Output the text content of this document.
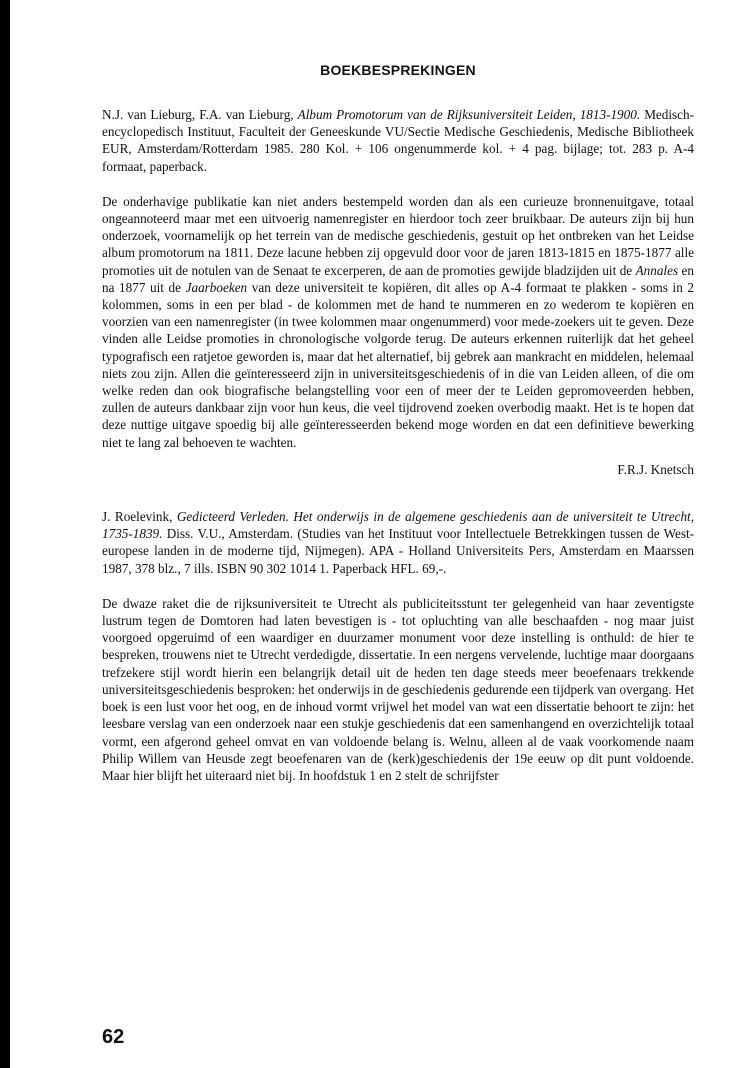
BOEKBESPREKINGEN

N.J. van Lieburg, F.A. van Lieburg, Album Promotorum van de Rijksuniversiteit Leiden, 1813-1900. Medisch-encyclopedisch Instituut, Faculteit der Geneeskunde VU/Sectie Medische Geschiedenis, Medische Bibliotheek EUR, Amsterdam/Rotterdam 1985. 280 Kol. + 106 ongenummerde kol. + 4 pag. bijlage; tot. 283 p. A-4 formaat, paperback.

De onderhavige publikatie kan niet anders bestempeld worden dan als een curieuze bronnenuitgave, totaal ongeannoteerd maar met een uitvoerig namenregister en hierdoor toch zeer bruikbaar. De auteurs zijn bij hun onderzoek, voornamelijk op het terrein van de medische geschiedenis, gestuit op het ontbreken van het Leidse album promotorum na 1811. Deze lacune hebben zij opgevuld door voor de jaren 1813-1815 en 1875-1877 alle promoties uit de notulen van de Senaat te excerperen, de aan de promoties gewijde bladzijden uit de Annales en na 1877 uit de Jaarboeken van deze universiteit te kopiëren, dit alles op A-4 formaat te plakken - soms in 2 kolommen, soms in een per blad - de kolommen met de hand te nummeren en zo wederom te kopiëren en voorzien van een namenregister (in twee kolommen maar ongenummerd) voor mede-zoekers uit te geven. Deze vinden alle Leidse promoties in chronologische volgorde terug. De auteurs erkennen ruiterlijk dat het geheel typografisch een ratjetoe geworden is, maar dat het alternatief, bij gebrek aan mankracht en middelen, helemaal niets zou zijn. Allen die geïnteresseerd zijn in universiteitsgeschiedenis of in die van Leiden alleen, of die om welke reden dan ook biografische belangstelling voor een of meer der te Leiden gepromoveerden hebben, zullen de auteurs dankbaar zijn voor hun keus, die veel tijdrovend zoeken overbodig maakt. Het is te hopen dat deze nuttige uitgave spoedig bij alle geïnteresseerden bekend moge worden en dat een definitieve bewerking niet te lang zal behoeven te wachten.

F.R.J. Knetsch

J. Roelevink, Gedicteerd Verleden. Het onderwijs in de algemene geschiedenis aan de universiteit te Utrecht, 1735-1839. Diss. V.U., Amsterdam. (Studies van het Instituut voor Intellectuele Betrekkingen tussen de West-europese landen in de moderne tijd, Nijmegen). APA - Holland Universiteits Pers, Amsterdam en Maarssen 1987, 378 blz., 7 ills. ISBN 90 302 1014 1. Paperback HFL. 69,-.

De dwaze raket die de rijksuniversiteit te Utrecht als publiciteitsstunt ter gelegenheid van haar zeventigste lustrum tegen de Domtoren had laten bevestigen is - tot opluchting van alle beschaafden - nog maar juist voorgoed opgeruimd of een waardiger en duurzamer monument voor deze instelling is onthuld: de hier te bespreken, trouwens niet te Utrecht verdedigde, dissertatie. In een nergens vervelende, luchtige maar doorgaans trefzekere stijl wordt hierin een belangrijk detail uit de heden ten dage steeds meer beoefenaars trekkende universiteitsgeschiedenis besproken: het onderwijs in de geschiedenis gedurende een tijdperk van overgang. Het boek is een lust voor het oog, en de inhoud vormt vrijwel het model van wat een dissertatie behoort te zijn: het leesbare verslag van een onderzoek naar een stukje geschiedenis dat een samenhangend en overzichtelijk totaal vormt, een afgerond geheel omvat en van voldoende belang is. Welnu, alleen al de vaak voorkomende naam Philip Willem van Heusde zegt beoefenaren van de (kerk)geschiedenis der 19e eeuw op dit punt voldoende. Maar hier blijft het uiteraard niet bij. In hoofdstuk 1 en 2 stelt de schrijfster

62
